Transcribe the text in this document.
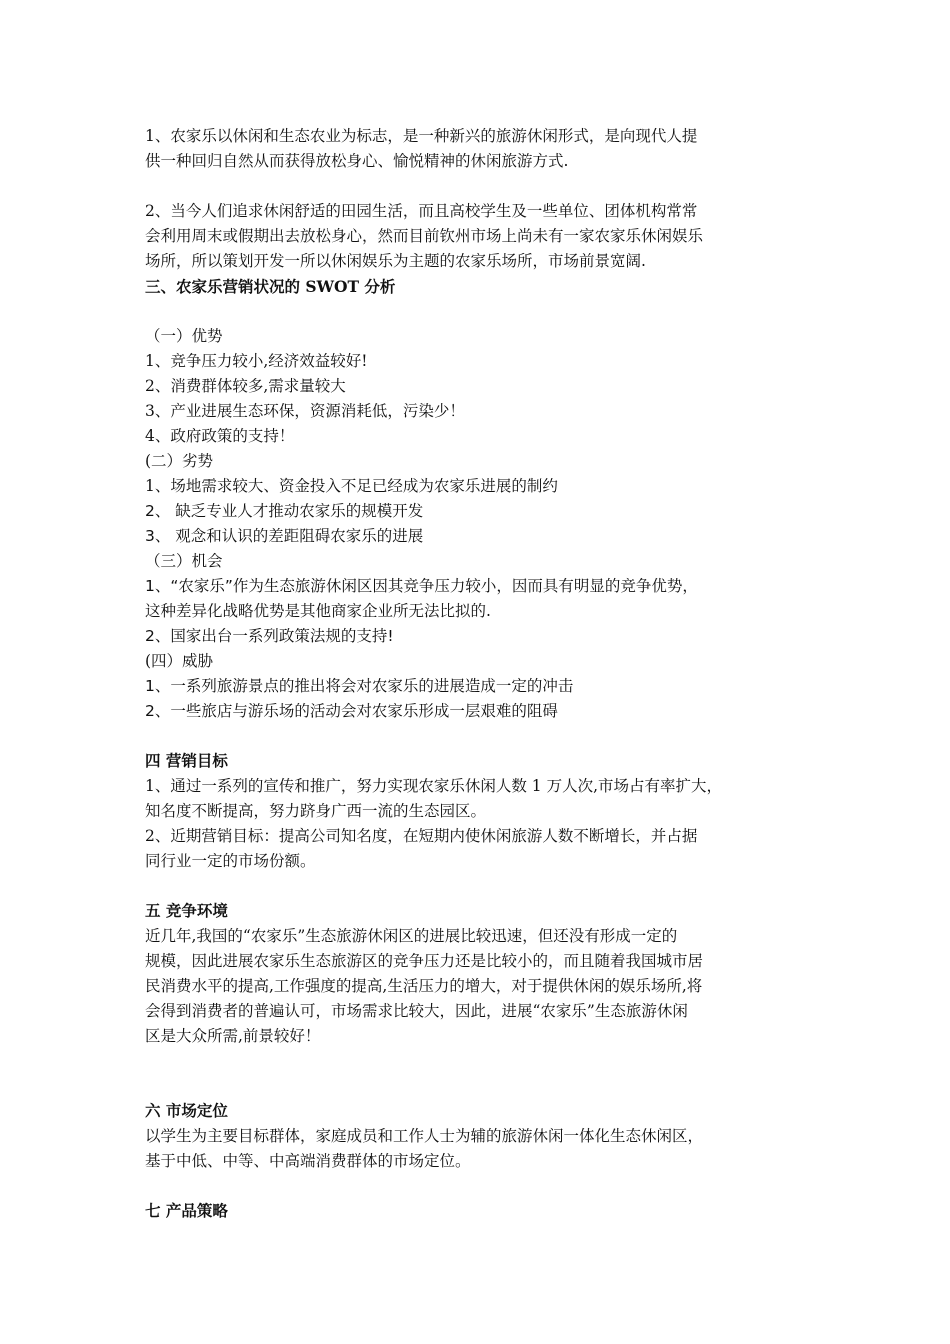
1、农家乐以休闲和生态农业为标志，是一种新兴的旅游休闲形式，是向现代人提

供一种回归自然从而获得放松身心、愉悦精神的休闲旅游方式.

2、当今人们追求休闲舒适的田园生活，而且高校学生及一些单位、团体机构常常

会利用周末或假期出去放松身心，然而目前钦州市场上尚未有一家农家乐休闲娱乐

场所，所以策划开发一所以休闲娱乐为主题的农家乐场所，市场前景宽阔.

三、农家乐营销状况的 SWOT 分析

（一）优势

1、竞争压力较小,经济效益较好!

2、消费群体较多,需求量较大

3、产业进展生态环保，资源消耗低，污染少！

4、政府政策的支持！

(二）劣势

1、场地需求较大、资金投入不足已经成为农家乐进展的制约

2、 缺乏专业人才推动农家乐的规模开发

3、 观念和认识的差距阻碍农家乐的进展

（三）机会

1、“农家乐”作为生态旅游休闲区因其竞争压力较小，因而具有明显的竞争优势，

这种差异化战略优势是其他商家企业所无法比拟的.

2、国家出台一系列政策法规的支持!

(四）威胁

1、一系列旅游景点的推出将会对农家乐的进展造成一定的冲击

2、一些旅店与游乐场的活动会对农家乐形成一层艰难的阻碍

四 营销目标

1、通过一系列的宣传和推广，努力实现农家乐休闲人数 1 万人次,市场占有率扩大，

知名度不断提高，努力跻身广西一流的生态园区。

2、近期营销目标：提高公司知名度，在短期内使休闲旅游人数不断增长，并占据

同行业一定的市场份额。

五 竞争环境

近几年,我国的“农家乐”生态旅游休闲区的进展比较迅速，但还没有形成一定的

规模，因此进展农家乐生态旅游区的竞争压力还是比较小的，而且随着我国城市居

民消费水平的提高,工作强度的提高,生活压力的增大，对于提供休闲的娱乐场所,将

会得到消费者的普遍认可，市场需求比较大，因此，进展“农家乐”生态旅游休闲

区是大众所需,前景较好！

六 市场定位

以学生为主要目标群体，家庭成员和工作人士为辅的旅游休闲一体化生态休闲区，

基于中低、中等、中高端消费群体的市场定位。

七 产品策略
